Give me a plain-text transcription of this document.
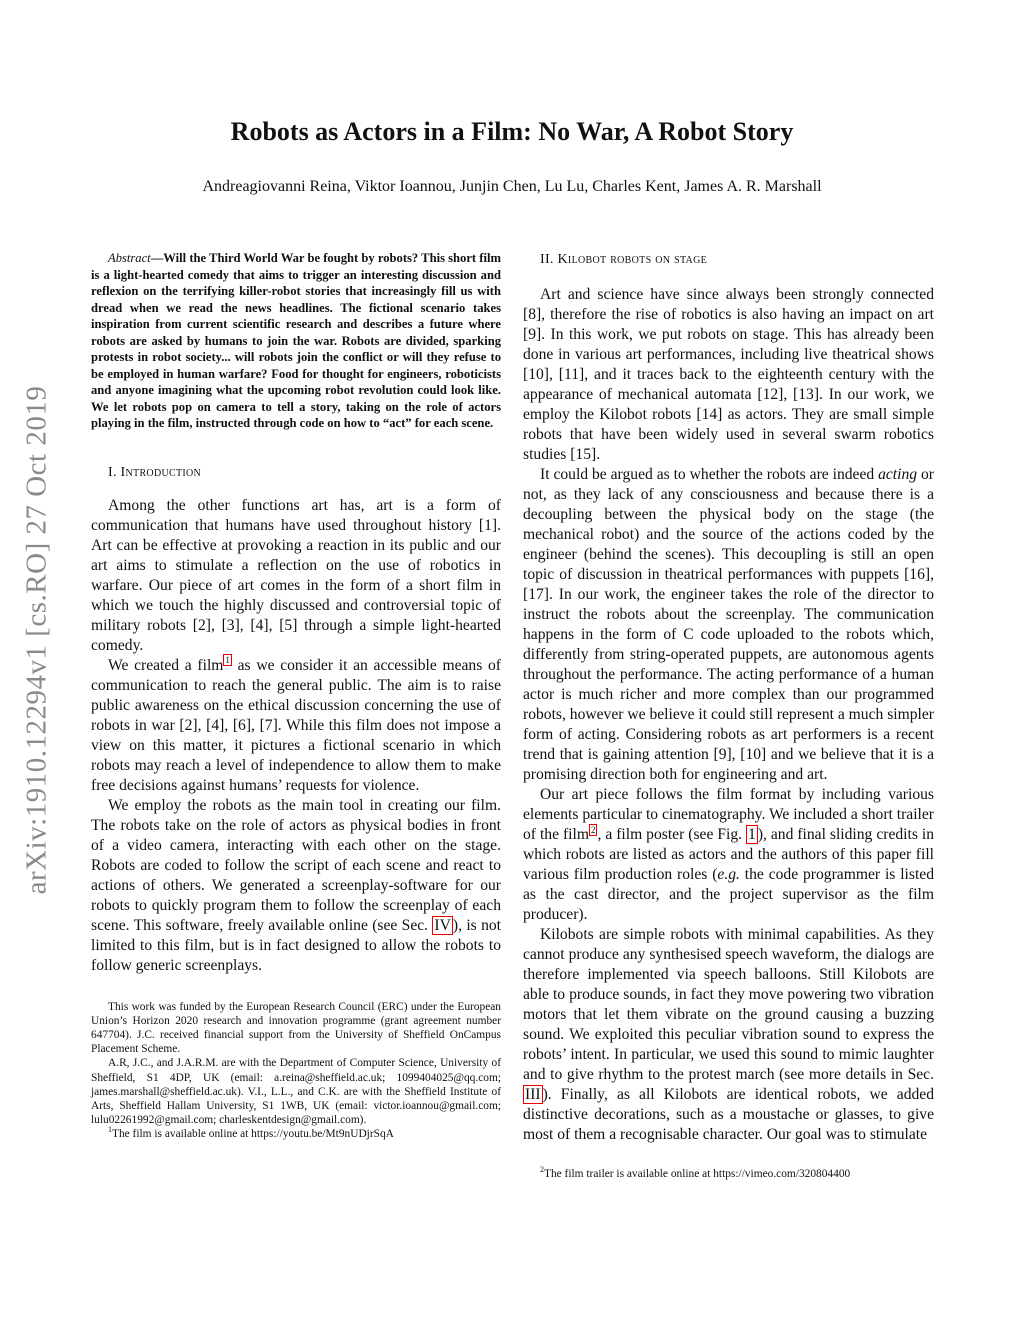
arXiv:1910.12294v1 [cs.RO] 27 Oct 2019
Robots as Actors in a Film: No War, A Robot Story
Andreagiovanni Reina, Viktor Ioannou, Junjin Chen, Lu Lu, Charles Kent, James A. R. Marshall

Abstract—Will the Third World War be fought by robots? This short film is a light-hearted comedy that aims to trigger an interesting discussion and reflexion on the terrifying killer-robot stories that increasingly fill us with dread when we read the news headlines. The fictional scenario takes inspiration from current scientific research and describes a future where robots are asked by humans to join the war. Robots are divided, sparking protests in robot society... will robots join the conflict or will they refuse to be employed in human warfare? Food for thought for engineers, roboticists and anyone imagining what the upcoming robot revolution could look like. We let robots pop on camera to tell a story, taking on the role of actors playing in the film, instructed through code on how to “act” for each scene.

I. Introduction

Among the other functions art has, art is a form of communication that humans have used throughout history [1]. Art can be effective at provoking a reaction in its public and our art aims to stimulate a reflection on the use of robotics in warfare. Our piece of art comes in the form of a short film in which we touch the highly discussed and controversial topic of military robots [2], [3], [4], [5] through a simple light-hearted comedy.

We created a film $^1$ as we consider it an accessible means of communication to reach the general public. The aim is to raise public awareness on the ethical discussion concerning the use of robots in war [2], [4], [6], [7]. While this film does not impose a view on this matter, it pictures a fictional scenario in which robots may reach a level of independence to allow them to make free decisions against humans’ requests for violence.

We employ the robots as the main tool in creating our film. The robots take on the role of actors as physical bodies in front of a video camera, interacting with each other on the stage. Robots are coded to follow the script of each scene and react to actions of others. We generated a screenplay-software for our robots to quickly program them to follow the screenplay of each scene. This software, freely available online (see Sec. IV ), is not limited to this film, but is in fact designed to allow the robots to follow generic screenplays.

This work was funded by the European Research Council (ERC) under the European Union’s Horizon 2020 research and innovation programme (grant agreement number 647704). J.C. received financial support from the University of Sheffield OnCampus Placement Scheme.

A.R, J.C., and J.A.R.M. are with the Department of Computer Science, University of Sheffield, S1 4DP, UK (email: a.reina@sheffield.ac.uk; 1099404025@qq.com; james.marshall@sheffield.ac.uk). V.I., L.L., and C.K. are with the Sheffield Institute of Arts, Sheffield Hallam University, S1 1WB, UK (email: victor.ioannou@gmail.com; lulu02261992@gmail.com; charleskentdesign@gmail.com).

$^1$The film is available online at https://youtu.be/Mt9nUDjrSqA

II. Kilobot robots on stage

Art and science have since always been strongly connected [8], therefore the rise of robotics is also having an impact on art [9]. In this work, we put robots on stage. This has already been done in various art performances, including live theatrical shows [10], [11], and it traces back to the eighteenth century with the appearance of mechanical automata [12], [13]. In our work, we employ the Kilobot robots [14] as actors. They are small simple robots that have been widely used in several swarm robotics studies [15].

It could be argued as to whether the robots are indeed acting or not, as they lack of any consciousness and because there is a decoupling between the physical body on the stage (the mechanical robot) and the source of the actions coded by the engineer (behind the scenes). This decoupling is still an open topic of discussion in theatrical performances with puppets [16], [17]. In our work, the engineer takes the role of the director to instruct the robots about the screenplay. The communication happens in the form of C code uploaded to the robots which, differently from string-operated puppets, are autonomous agents throughout the performance. The acting performance of a human actor is much richer and more complex than our programmed robots, however we believe it could still represent a much simpler form of acting. Considering robots as art performers is a recent trend that is gaining attention [9], [10] and we believe that it is a promising direction both for engineering and art.

Our art piece follows the film format by including various elements particular to cinematography. We included a short trailer of the film $^2$ , a film poster (see Fig. 1 ), and final sliding credits in which robots are listed as actors and the authors of this paper fill various film production roles (e.g. the code programmer is listed as the cast director, and the project supervisor as the film producer).

Kilobots are simple robots with minimal capabilities. As they cannot produce any synthesised speech waveform, the dialogs are therefore implemented via speech balloons. Still Kilobots are able to produce sounds, in fact they move powering two vibration motors that let them vibrate on the ground causing a buzzing sound. We exploited this peculiar vibration sound to express the robots’ intent. In particular, we used this sound to mimic laughter and to give rhythm to the protest march (see more details in Sec. III ). Finally, as all Kilobots are identical robots, we added distinctive decorations, such as a moustache or glasses, to give most of them a recognisable character. Our goal was to stimulate

$^2$The film trailer is available online at https://vimeo.com/320804400
